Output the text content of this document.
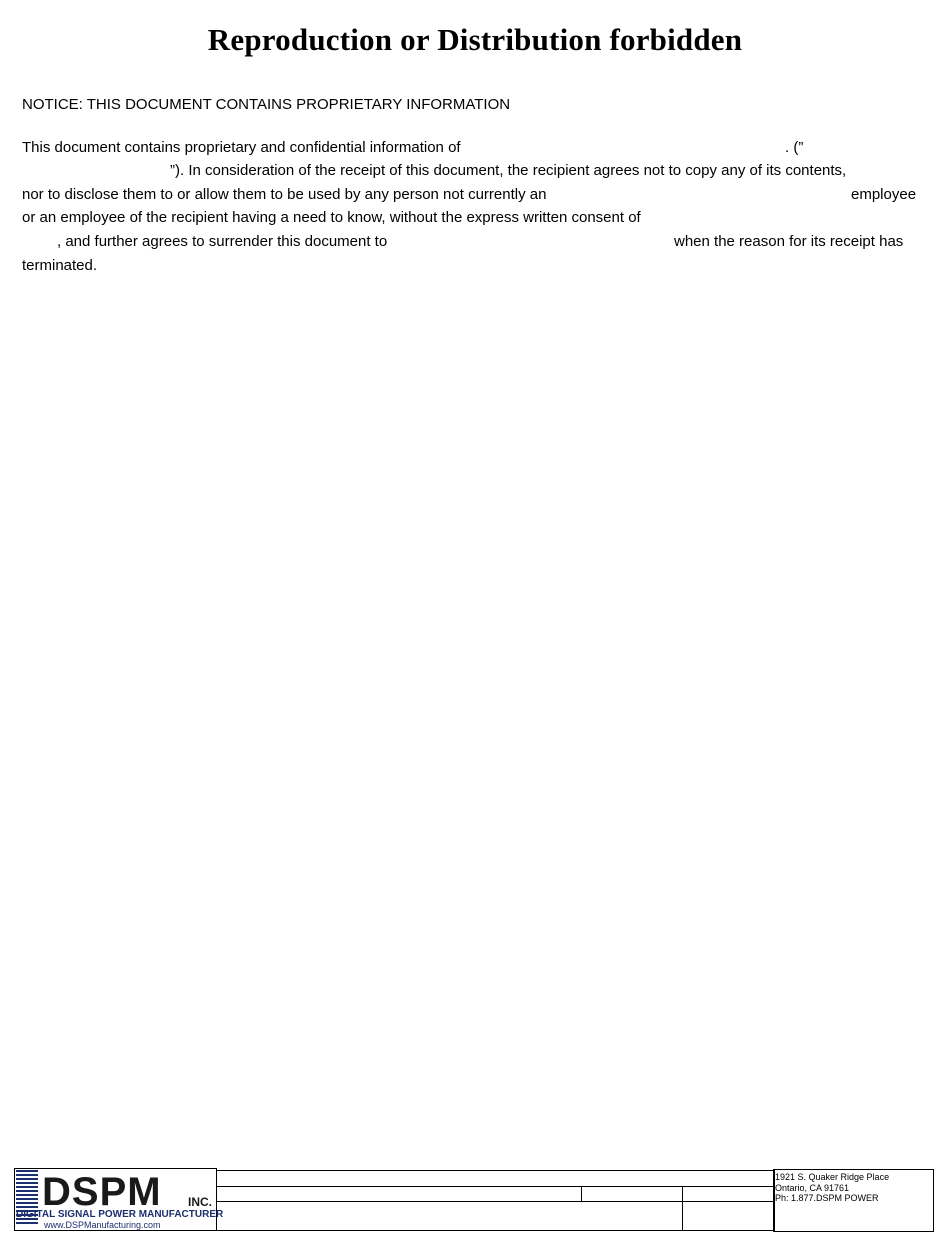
Reproduction or Distribution forbidden
NOTICE: THIS DOCUMENT CONTAINS PROPRIETARY INFORMATION
This document contains proprietary and confidential information of	. (”
”). In consideration of the receipt of this document, the recipient agrees not to copy any of its contents,
nor to disclose them to or allow them to be used by any person not currently an	employee
or an employee of the recipient having a need to know, without the express written consent of
, and further agrees to surrender this document to	when the reason for its receipt has
terminated.
DSPM INC.
DIGITAL SIGNAL POWER MANUFACTURER
www.DSPManufacturing.com
1921 S. Quaker Ridge Place
Ontario, CA 91761
Ph: 1.877.DSPM POWER
